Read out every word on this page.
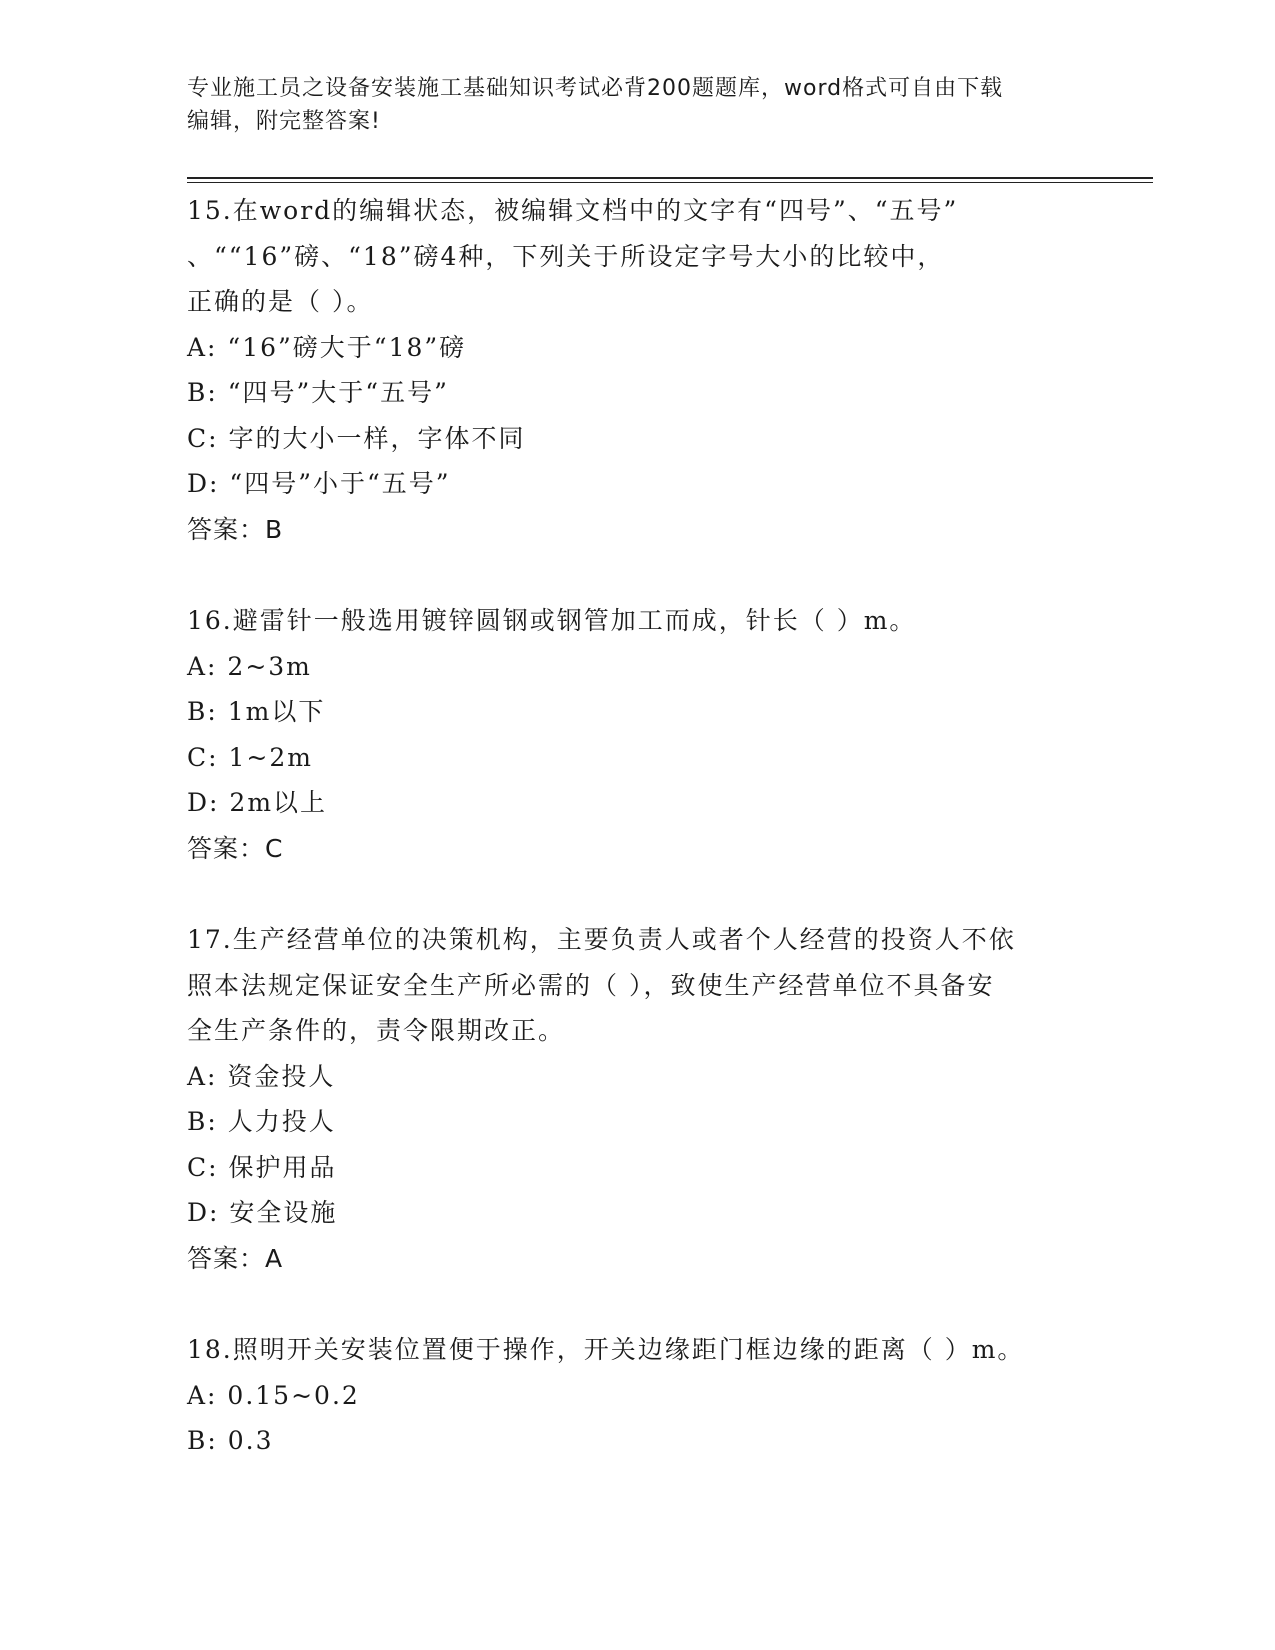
专业施工员之设备安装施工基础知识考试必背200题题库，word格式可自由下载
编辑，附完整答案!

15.在word的编辑状态，被编辑文档中的文字有“四号”、“五号”

、““16”磅、“18”磅4种，下列关于所设定字号大小的比较中，

正确的是（ ）。

A: “16”磅大于“18”磅

B: “四号”大于“五号”

C: 字的大小一样，字体不同

D: “四号”小于“五号”

答案：B

16.避雷针一般选用镀锌圆钢或钢管加工而成，针长（ ）m。

A: 2~3m

B: 1m以下

C: 1~2m

D: 2m以上

答案：C

17.生产经营单位的决策机构，主要负责人或者个人经营的投资人不依

照本法规定保证安全生产所必需的（ ），致使生产经营单位不具备安

全生产条件的，责令限期改正。

A: 资金投人

B: 人力投人

C: 保护用品

D: 安全设施

答案：A

18.照明开关安装位置便于操作，开关边缘距门框边缘的距离（ ）m。

A: 0.15~0.2

B: 0.3
